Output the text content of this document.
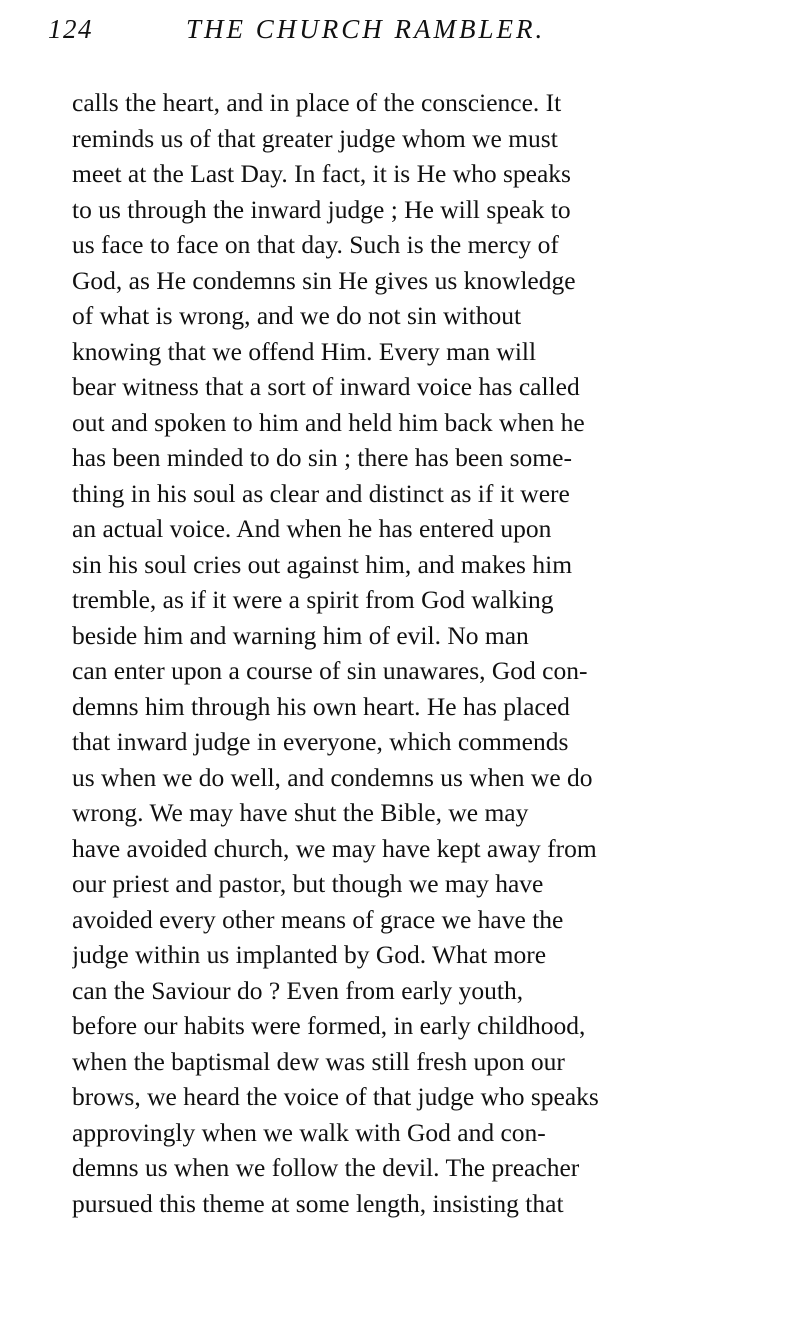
124	THE CHURCH RAMBLER.
calls the heart, and in place of the conscience. It
reminds us of that greater judge whom we must
meet at the Last Day. In fact, it is He who speaks
to us through the inward judge ; He will speak to
us face to face on that day. Such is the mercy of
God, as He condemns sin He gives us knowledge
of what is wrong, and we do not sin without
knowing that we offend Him. Every man will
bear witness that a sort of inward voice has called
out and spoken to him and held him back when he
has been minded to do sin ; there has been some-
thing in his soul as clear and distinct as if it were
an actual voice. And when he has entered upon
sin his soul cries out against him, and makes him
tremble, as if it were a spirit from God walking
beside him and warning him of evil. No man
can enter upon a course of sin unawares, God con-
demns him through his own heart. He has placed
that inward judge in everyone, which commends
us when we do well, and condemns us when we do
wrong. We may have shut the Bible, we may
have avoided church, we may have kept away from
our priest and pastor, but though we may have
avoided every other means of grace we have the
judge within us implanted by God. What more
can the Saviour do ? Even from early youth,
before our habits were formed, in early childhood,
when the baptismal dew was still fresh upon our
brows, we heard the voice of that judge who speaks
approvingly when we walk with God and con-
demns us when we follow the devil. The preacher
pursued this theme at some length, insisting that
